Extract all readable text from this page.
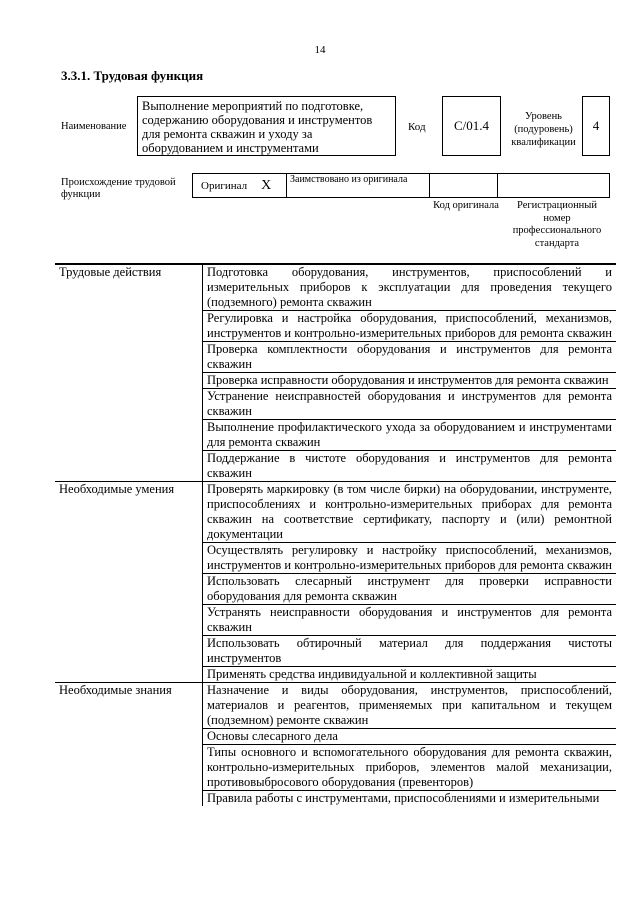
14
3.3.1. Трудовая функция
Наименование
Выполнение мероприятий по подготовке, содержанию оборудования и инструментов для ремонта скважин и уходу за оборудованием и инструментами
Код	С/01.4
Уровень (подуровень) квалификации
4
Происхождение трудовой функции
Оригинал X	Заимствовано из оригинала
Код оригинала	Регистрационный номер профессионального стандарта
Трудовые действия	Подготовка оборудования, инструментов, приспособлений и измерительных приборов к эксплуатации для проведения текущего (подземного) ремонта скважин
	Регулировка и настройка оборудования, приспособлений, механизмов, инструментов и контрольно-измерительных приборов для ремонта скважин
	Проверка комплектности оборудования и инструментов для ремонта скважин
	Проверка исправности оборудования и инструментов для ремонта скважин
	Устранение неисправностей оборудования и инструментов для ремонта скважин
	Выполнение профилактического ухода за оборудованием и инструментами для ремонта скважин
	Поддержание в чистоте оборудования и инструментов для ремонта скважин
Необходимые умения	Проверять маркировку (в том числе бирки) на оборудовании, инструменте, приспособлениях и контрольно-измерительных приборах для ремонта скважин на соответствие сертификату, паспорту и (или) ремонтной документации
	Осуществлять регулировку и настройку приспособлений, механизмов, инструментов и контрольно-измерительных приборов для ремонта скважин
	Использовать слесарный инструмент для проверки исправности оборудования для ремонта скважин
	Устранять неисправности оборудования и инструментов для ремонта скважин
	Использовать обтирочный материал для поддержания чистоты инструментов
	Применять средства индивидуальной и коллективной защиты
Необходимые знания	Назначение и виды оборудования, инструментов, приспособлений, материалов и реагентов, применяемых при капитальном и текущем (подземном) ремонте скважин
	Основы слесарного дела
	Типы основного и вспомогательного оборудования для ремонта скважин, контрольно-измерительных приборов, элементов малой механизации, противовыбросового оборудования (превенторов)
	Правила работы с инструментами, приспособлениями и измерительными
